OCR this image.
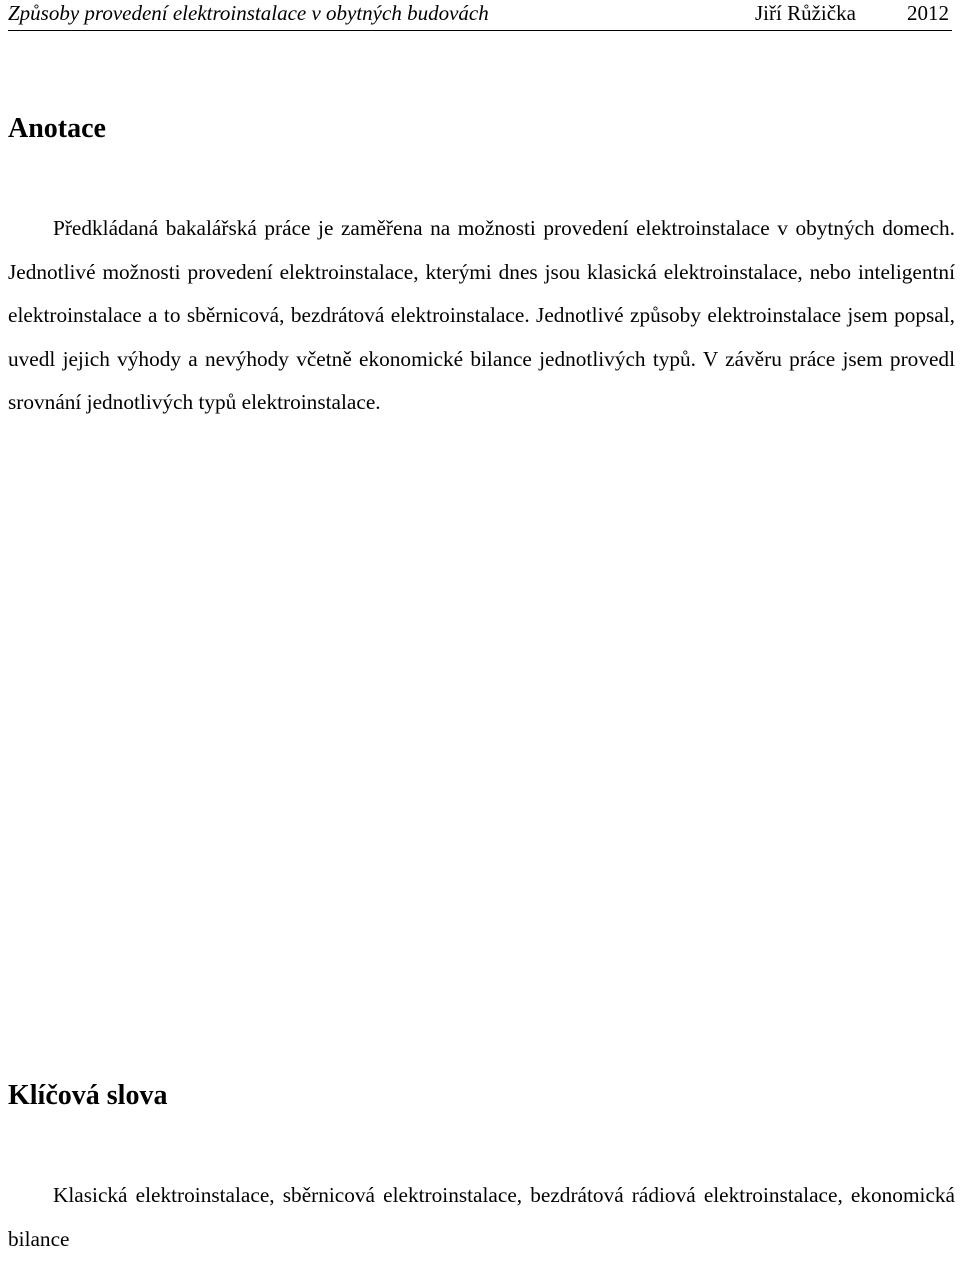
Způsoby provedení elektroinstalace v obytných budovách	Jiří Růžička 2012
Anotace

Předkládaná bakalářská práce je zaměřena na možnosti provedení elektroinstalace v obytných domech. Jednotlivé možnosti provedení elektroinstalace, kterými dnes jsou klasická elektroinstalace, nebo inteligentní elektroinstalace a to sběrnicová, bezdrátová elektroinstalace. Jednotlivé způsoby elektroinstalace jsem popsal, uvedl jejich výhody a nevýhody včetně ekonomické bilance jednotlivých typů. V závěru práce jsem provedl srovnání jednotlivých typů elektroinstalace.

Klíčová slova

Klasická elektroinstalace, sběrnicová elektroinstalace, bezdrátová rádiová elektroinstalace, ekonomická bilance
